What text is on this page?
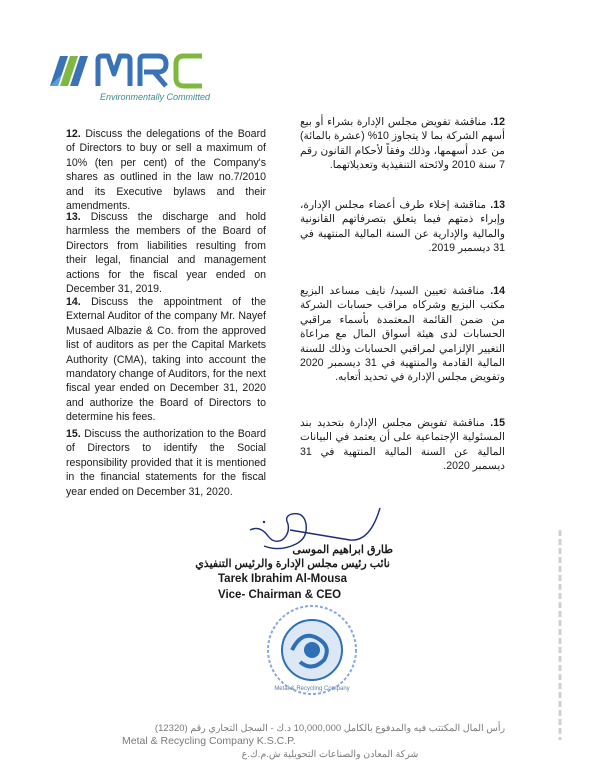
Environmentally Committed
12. Discuss the delegations of the Board of Directors to buy or sell a maximum of 10% (ten per cent) of the Company's shares as outlined in the law no.7/2010 and its Executive bylaws and their amendments.
13. Discuss the discharge and hold harmless the members of the Board of Directors from liabilities resulting from their legal, financial and management actions for the fiscal year ended on December 31, 2019.
14. Discuss the appointment of the External Auditor of the company Mr. Nayef Musaed Albazie & Co. from the approved list of auditors as per the Capital Markets Authority (CMA), taking into account the mandatory change of Auditors, for the next fiscal year ended on December 31, 2020 and authorize the Board of Directors to determine his fees.
15. Discuss the authorization to the Board of Directors to identify the Social responsibility provided that it is mentioned in the financial statements for the fiscal year ended on December 31, 2020.
12. مناقشة تفويض مجلس الإدارة بشراء أو بيع أسهم الشركة بما لا يتجاوز 10% (عشرة بالمائة) من عدد أسهمها، وذلك وفقاً لأحكام القانون رقم 7 سنة 2010 ولائحته التنفيذية وتعديلاتهما.
13. مناقشة إخلاء طرف أعضاء مجلس الإدارة، وإبراء ذمتهم فيما يتعلق بتصرفاتهم القانونية والمالية والإدارية عن السنة المالية المنتهية في 31 ديسمبر 2019.
14. مناقشة تعيين السيد/ نايف مساعد البزيع مكتب البزيع وشركاه مراقب حسابات الشركة من ضمن القائمة المعتمدة بأسماء مراقبي الحسابات لدى هيئة أسواق المال مع مراعاة التغيير الإلزامي لمراقبي الحسابات وذلك للسنة المالية القادمة والمنتهية في 31 ديسمبر 2020 وتفويض مجلس الإدارة في تحديد أتعابه.
15. مناقشة تفويض مجلس الإدارة بتحديد بند المسئولية الإجتماعية على أن يعتمد في البيانات المالية عن السنة المالية المنتهية في 31 ديسمبر 2020.
طارق ابراهيم الموسى
نائب رئيس مجلس الإدارة والرئيس التنفيذي
Tarek Ibrahim Al-Mousa
Vice- Chairman & CEO
Metal & Recycling Company
رأس المال المكتتب فيه والمدفوع بالكامل 10,000,000 د.ك - السجل التجاري رقم (12320)
Metal & Recycling Company K.S.C.P.
شركة المعادن والصناعات التحويلية ش.م.ك.ع
